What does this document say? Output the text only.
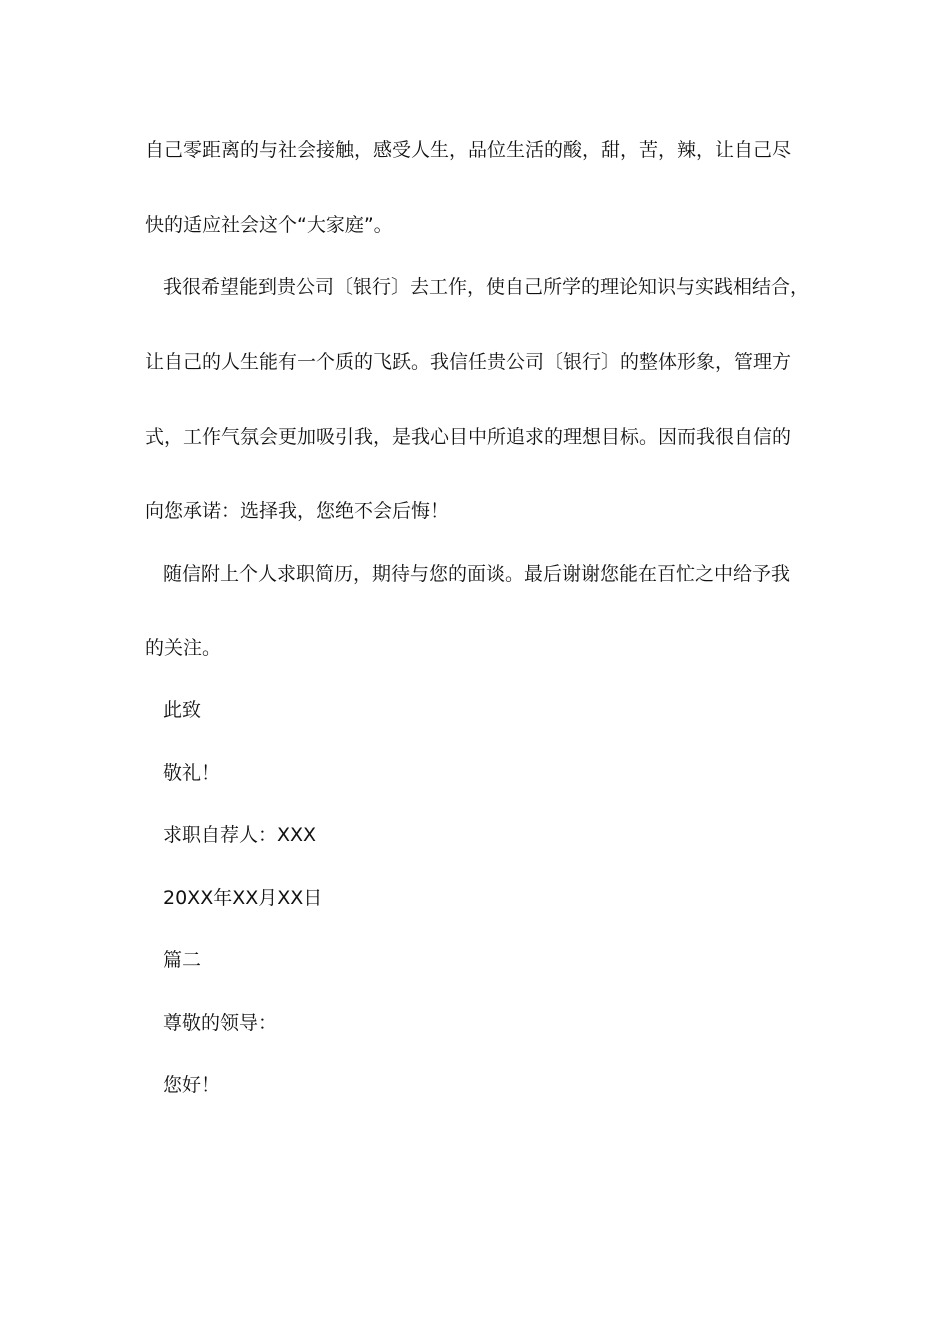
自己零距离的与社会接触，感受人生，品位生活的酸，甜，苦，辣，让自己尽

快的适应社会这个“大家庭”。

我很希望能到贵公司〔银行〕去工作，使自己所学的理论知识与实践相结合，

让自己的人生能有一个质的飞跃。我信任贵公司〔银行〕的整体形象，管理方

式，工作气氛会更加吸引我，是我心目中所追求的理想目标。因而我很自信的

向您承诺：选择我，您绝不会后悔！

随信附上个人求职简历，期待与您的面谈。最后谢谢您能在百忙之中给予我

的关注。

此致

敬礼！

求职自荐人：XXX

20XX年XX月XX日

篇二

尊敬的领导：

您好！
